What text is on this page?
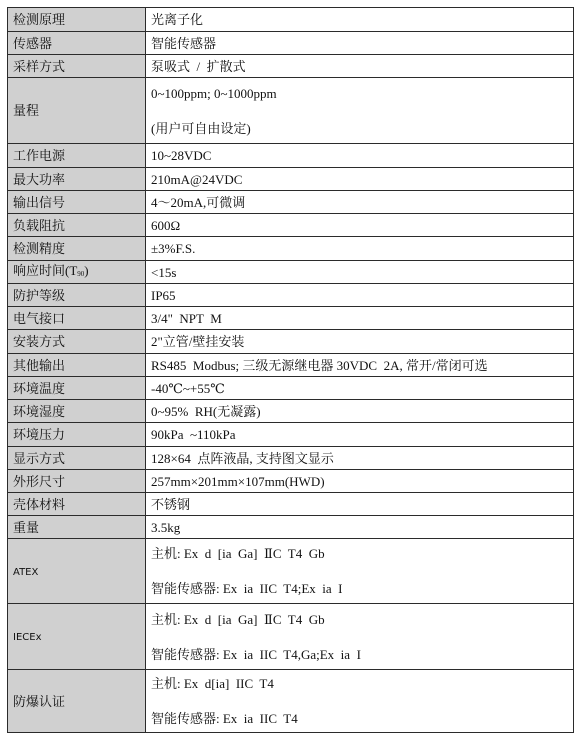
检测原理	光离子化
传感器	智能传感器
采样方式	泵吸式  /  扩散式
量程	0~100ppm; 0~1000ppm
(用户可自由设定)

工作电源	10~28VDC
最大功率	210mA@24VDC
输出信号	4～20mA,可微调
负载阻抗	600Ω
检测精度	±3%F.S.
响应时间(T90)	<15s
防护等级	IP65
电气接口	3/4"  NPT  M
安装方式	2"立管/壁挂安装
其他输出	RS485  Modbus; 三级无源继电器 30VDC  2A, 常开/常闭可选
环境温度	-40℃~+55℃
环境湿度	0~95%  RH(无凝露)
环境压力	90kPa  ~110kPa
显示方式	128×64  点阵液晶, 支持图文显示
外形尺寸	257mm×201mm×107mm(HWD)
壳体材料	不锈钢
重量	3.5kg
ATEX	主机: Ex  d  [ia  Ga]  ⅡC  T4  Gb
智能传感器: Ex  ia  IIC  T4;Ex  ia  I

IECEx	主机: Ex  d  [ia  Ga]  ⅡC  T4  Gb
智能传感器: Ex  ia  IIC  T4,Ga;Ex  ia  I

防爆认证	主机: Ex  d[ia]  IIC  T4
智能传感器: Ex  ia  IIC  T4
